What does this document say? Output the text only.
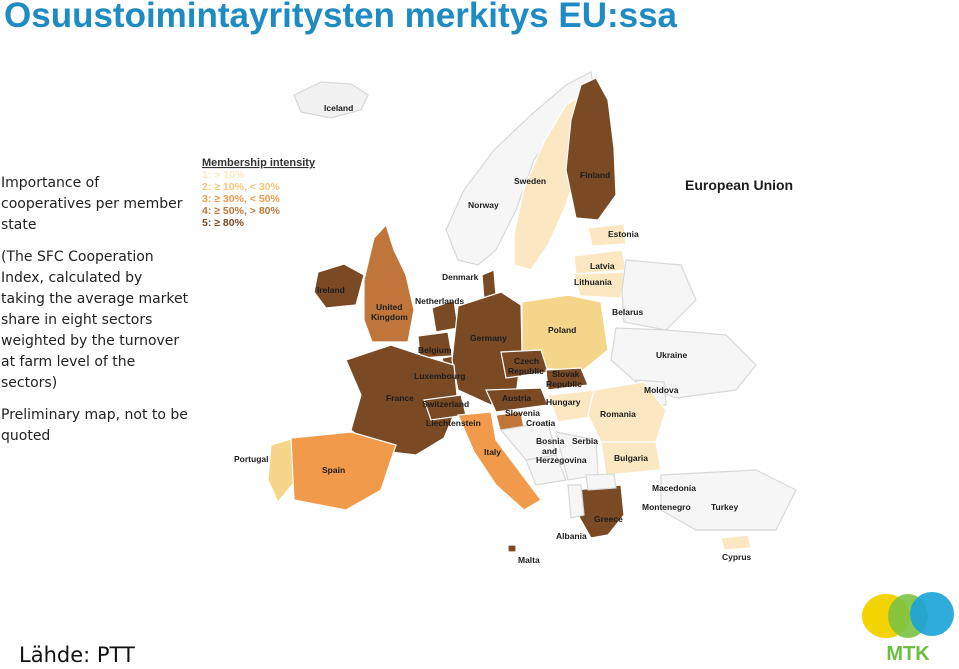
Osuustoimintayritysten merkitys EU:ssa

Importance of cooperatives per member state

(The SFC Cooperation Index, calculated by taking the average market share in eight sectors weighted by the turnover at farm level of the sectors)

Preliminary map, not to be quoted

Membership intensity
1: > 10%
2: ≥ 10%, < 30%
3: ≥ 30%, < 50%
4: ≥ 50%, > 80%
5: ≥ 80%
European Union
Iceland
Norway
Sweden
Finland
Estonia
Latvia
Lithuania
Belarus
Denmark
Ireland
United
Kingdom
Netherlands
Germany
Poland
Belgium
Luxembourg
Czech
Republic Slovak
Republic
Ukraine
Moldova
France
Switzerland
Liechtenstein
Austria Hungary
Slovenia
Croatia
Romania
Bosnia
and
Herzegovina
Serbia
Bulgaria
Portugal
Spain
Italy
Macedonia
Montenegro Turkey
Greece
Albania
Malta	Cyprus
MTK
Lähde: PTT
